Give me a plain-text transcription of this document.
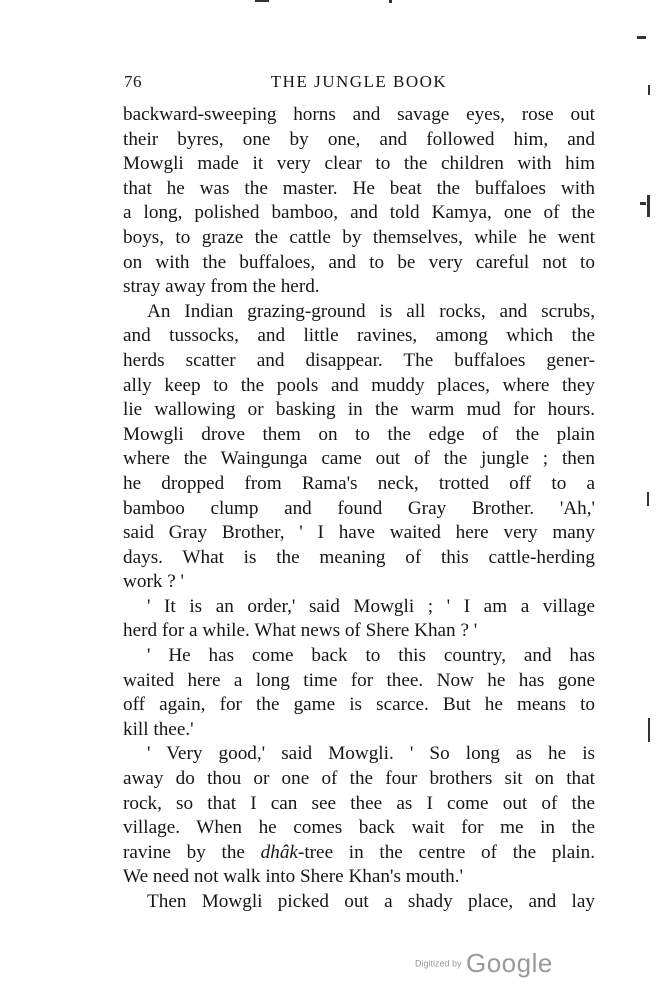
76	THE JUNGLE BOOK
backward-sweeping horns and savage eyes, rose out
their byres, one by one, and followed him, and
Mowgli made it very clear to the children with him
that he was the master. He beat the buffaloes with
a long, polished bamboo, and told Kamya, one of the
boys, to graze the cattle by themselves, while he went
on with the buffaloes, and to be very careful not to
stray away from the herd.
An Indian grazing-ground is all rocks, and scrubs,
and tussocks, and little ravines, among which the
herds scatter and disappear. The buffaloes gener-
ally keep to the pools and muddy places, where they
lie wallowing or basking in the warm mud for hours.
Mowgli drove them on to the edge of the plain
where the Waingunga came out of the jungle ; then
he dropped from Rama's neck, trotted off to a
bamboo clump and found Gray Brother. 'Ah,'
said Gray Brother, ' I have waited here very many
days. What is the meaning of this cattle-herding
work ? '
' It is an order,' said Mowgli ; ' I am a village
herd for a while. What news of Shere Khan ? '
' He has come back to this country, and has
waited here a long time for thee. Now he has gone
off again, for the game is scarce. But he means to
kill thee.'
' Very good,' said Mowgli. ' So long as he is
away do thou or one of the four brothers sit on that
rock, so that I can see thee as I come out of the
village. When he comes back wait for me in the
ravine by the dhâk-tree in the centre of the plain.
We need not walk into Shere Khan's mouth.'
Then Mowgli picked out a shady place, and lay
Digitized by Google
